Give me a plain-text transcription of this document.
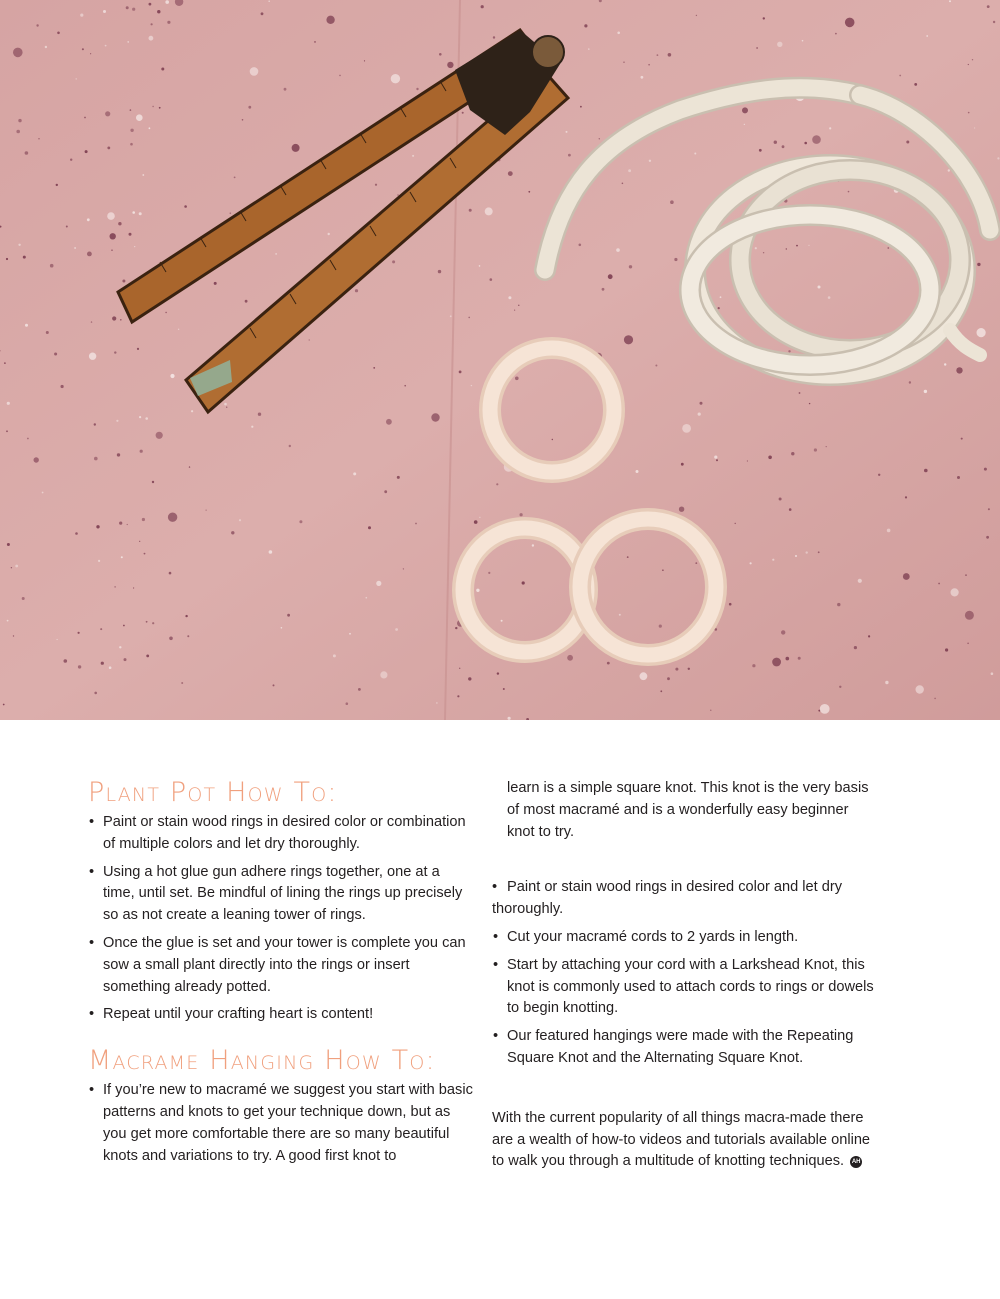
Plant Pot How To:
• Paint or stain wood rings in desired color or combination of multiple colors and let dry thoroughly.
• Using a hot glue gun adhere rings together, one at a time, until set. Be mindful of lining the rings up precisely so as not create a leaning tower of rings.
• Once the glue is set and your tower is complete you can sow a small plant directly into the rings or insert something already potted.
• Repeat until your crafting heart is content!
Macrame Hanging How To:
• If you’re new to macramé we suggest you start with basic patterns and knots to get your technique down, but as you get more comfortable there are so many beautiful knots and variations to try. A good first knot to

learn is a simple square knot. This knot is the very basis of most macramé and is a wonderfully easy beginner knot to try.

• Paint or stain wood rings in desired color and let dry thoroughly.
• Cut your macramé cords to 2 yards in length.
• Start by attaching your cord with a Larkshead Knot, this knot is commonly used to attach cords to rings or dowels to begin knotting.
• Our featured hangings were made with the Repeating Square Knot and the Alternating Square Knot.

With the current popularity of all things macra-made there are a wealth of how-to videos and tutorials available online to walk you through a multitude of knotting techniques. AH
